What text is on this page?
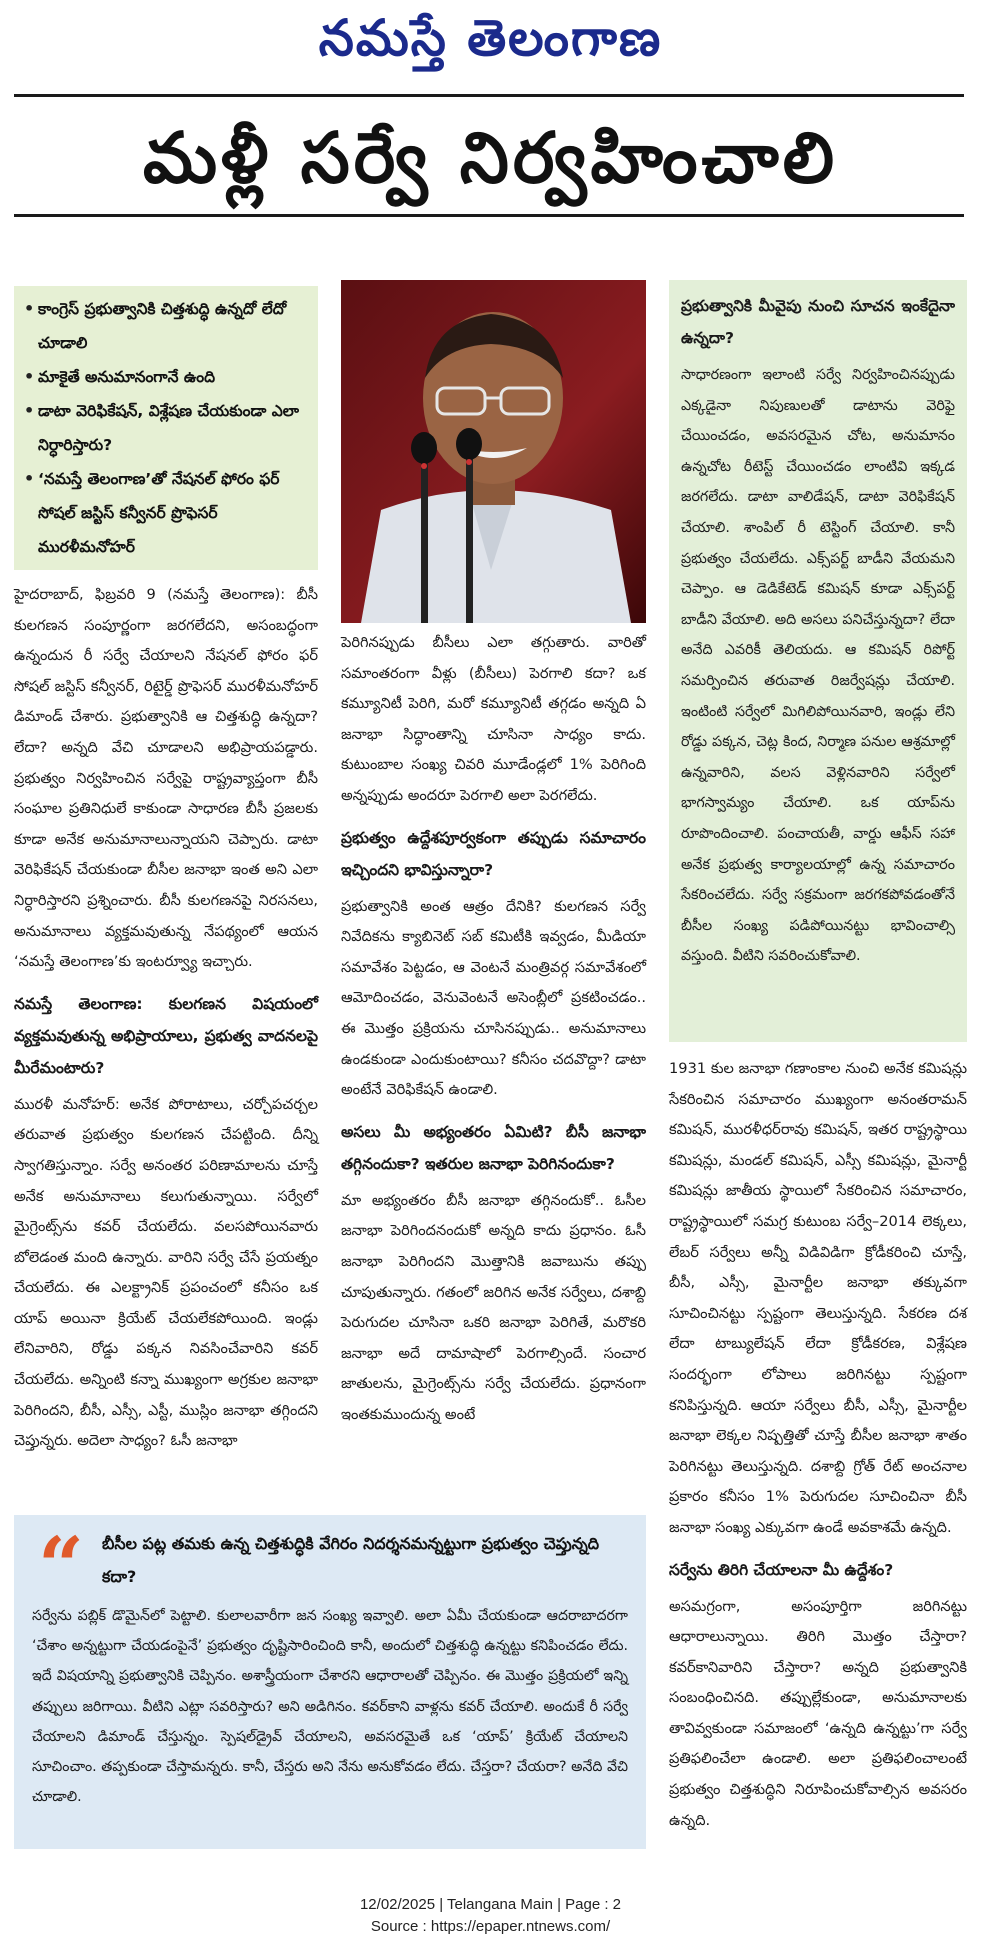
నమస్తే తెలంగాణ
మళ్లీ సర్వే నిర్వహించాలి
• కాంగ్రెస్ ప్రభుత్వానికి చిత్తశుద్ధి ఉన్నదో లేదో చూడాలి
• మాకైతే అనుమానంగానే ఉంది
• డాటా వెరిఫికేషన్, విశ్లేషణ చేయకుండా ఎలా నిర్ధారిస్తారు?
• ‘నమస్తే తెలంగాణ’తో నేషనల్ ఫోరం ఫర్ సోషల్ జస్టిస్ కన్వీనర్ ప్రొఫెసర్ మురళీమనోహర్

హైదరాబాద్, ఫిబ్రవరి 9 (నమస్తే తెలంగాణ): బీసీ కులగణన సంపూర్ణంగా జరగలేదని, అసంబద్ధంగా ఉన్నందున రీ సర్వే చేయాలని నేషనల్ ఫోరం ఫర్ సోషల్ జస్టిస్ కన్వీనర్, రిటైర్డ్ ప్రొఫెసర్ మురళీమనోహర్ డిమాండ్ చేశారు. ప్రభుత్వానికి ఆ చిత్తశుద్ధి ఉన్నదా? లేదా? అన్నది వేచి చూడాలని అభిప్రాయపడ్డారు. ప్రభుత్వం నిర్వహించిన సర్వేపై రాష్ట్రవ్యాప్తంగా బీసీ సంఘాల ప్రతినిధులే కాకుండా సాధారణ బీసీ ప్రజలకు కూడా అనేక అనుమానాలున్నాయని చెప్పారు. డాటా వెరిఫికేషన్ చేయకుండా బీసీల జనాభా ఇంత అని ఎలా నిర్ధారిస్తారని ప్రశ్నించారు. బీసీ కులగణనపై నిరసనలు, అనుమానాలు వ్యక్తమవుతున్న నేపథ్యంలో ఆయన ‘నమస్తే తెలంగాణ’కు ఇంటర్వ్యూ ఇచ్చారు.

నమస్తే తెలంగాణ: కులగణన విషయంలో వ్యక్తమవుతున్న అభిప్రాయాలు, ప్రభుత్వ వాదనలపై మీరేమంటారు?

మురళీ మనోహర్: అనేక పోరాటాలు, చర్చోపచర్చల తరువాత ప్రభుత్వం కులగణన చేపట్టింది. దీన్ని స్వాగతిస్తున్నాం. సర్వే అనంతర పరిణామాలను చూస్తే అనేక అనుమానాలు కలుగుతున్నాయి. సర్వేలో మైగ్రెంట్స్‌ను కవర్ చేయలేదు. వలసపోయినవారు బోలెడంత మంది ఉన్నారు. వారిని సర్వే చేసే ప్రయత్నం చేయలేదు. ఈ ఎలక్ట్రానిక్ ప్రపంచంలో కనీసం ఒక యాప్ అయినా క్రియేట్ చేయలేకపోయింది. ఇండ్లు లేనివారిని, రోడ్డు పక్కన నివసించేవారిని కవర్ చేయలేదు. అన్నింటి కన్నా ముఖ్యంగా అగ్రకుల జనాభా పెరిగిందని, బీసీ, ఎస్సీ, ఎస్టీ, ముస్లిం జనాభా తగ్గిందని చెప్తున్నరు. అదెలా సాధ్యం? ఓసీ జనాభా

పెరిగినప్పుడు బీసీలు ఎలా తగ్గుతారు. వారితో సమాంతరంగా వీళ్లు (బీసీలు) పెరగాలి కదా? ఒక కమ్యూనిటీ పెరిగి, మరో కమ్యూనిటీ తగ్గడం అన్నది ఏ జనాభా సిద్ధాంతాన్ని చూసినా సాధ్యం కాదు. కుటుంబాల సంఖ్య చివరి మూడేండ్లలో 1% పెరిగింది అన్నప్పుడు అందరూ పెరగాలి అలా పెరగలేదు.

ప్రభుత్వం ఉద్దేశపూర్వకంగా తప్పుడు సమాచారం ఇచ్చిందని భావిస్తున్నారా?

ప్రభుత్వానికి అంత ఆత్రం దేనికి? కులగణన సర్వే నివేదికను క్యాబినెట్ సబ్ కమిటీకి ఇవ్వడం, మీడియా సమావేశం పెట్టడం, ఆ వెంటనే మంత్రివర్గ సమావేశంలో ఆమోదించడం, వెనువెంటనే అసెంబ్లీలో ప్రకటించడం.. ఈ మొత్తం ప్రక్రియను చూసినప్పుడు.. అనుమానాలు ఉండకుండా ఎందుకుంటాయి? కనీసం చదవొద్దా? డాటా అంటేనే వెరిఫికేషన్ ఉండాలి.

అసలు మీ అభ్యంతరం ఏమిటి? బీసీ జనాభా తగ్గినందుకా? ఇతరుల జనాభా పెరిగినందుకా?

మా అభ్యంతరం బీసీ జనాభా తగ్గినందుకో.. ఓసీల జనాభా పెరిగిందనందుకో అన్నది కాదు ప్రధానం. ఓసీ జనాభా పెరిగిందని మొత్తానికి జవాబును తప్పు చూపుతున్నారు. గతంలో జరిగిన అనేక సర్వేలు, దశాబ్ది పెరుగుదల చూసినా ఒకరి జనాభా పెరిగితే, మరొకరి జనాభా అదే దామాషాలో పెరగాల్సిందే. సంచార జాతులను, మైగ్రెంట్స్‌ను సర్వే చేయలేదు. ప్రధానంగా ఇంతకుముందున్న అంటే

ప్రభుత్వానికి మీవైపు నుంచి సూచన ఇంకేదైనా ఉన్నదా?

సాధారణంగా ఇలాంటి సర్వే నిర్వహించినప్పుడు ఎక్కడైనా నిపుణులతో డాటాను వెరిఫై చేయించడం, అవసరమైన చోట, అనుమానం ఉన్నచోట రీటెస్ట్ చేయించడం లాంటివి ఇక్కడ జరగలేదు. డాటా వాలిడేషన్, డాటా వెరిఫికేషన్ చేయాలి. శాంపిల్ రీ టెస్టింగ్ చేయాలి. కానీ ప్రభుత్వం చేయలేదు. ఎక్స్‌పర్ట్ బాడీని వేయమని చెప్పాం. ఆ డెడికేటెడ్ కమిషన్ కూడా ఎక్స్‌పర్ట్ బాడీని వేయాలి. అది అసలు పనిచేస్తున్నదా? లేదా అనేది ఎవరికీ తెలియదు. ఆ కమిషన్ రిపోర్ట్ సమర్పించిన తరువాత రిజర్వేషన్లు చేయాలి. ఇంటింటి సర్వేలో మిగిలిపోయినవారి, ఇండ్లు లేని రోడ్డు పక్కన, చెట్ల కింద, నిర్మాణ పనుల ఆశ్రమాల్లో ఉన్నవారిని, వలస వెళ్లినవారిని సర్వేలో భాగస్వామ్యం చేయాలి. ఒక యాప్‌ను రూపొందించాలి. పంచాయతీ, వార్డు ఆఫీస్ సహా అనేక ప్రభుత్వ కార్యాలయాల్లో ఉన్న సమాచారం సేకరించలేదు. సర్వే సక్రమంగా జరగకపోవడంతోనే బీసీల సంఖ్య పడిపోయినట్టు భావించాల్సి వస్తుంది. వీటిని సవరించుకోవాలి.

1931 కుల జనాభా గణాంకాల నుంచి అనేక కమిషన్లు సేకరించిన సమాచారం ముఖ్యంగా అనంతరామన్ కమిషన్, మురళీధర్‌రావు కమిషన్, ఇతర రాష్ట్రస్థాయి కమిషన్లు, మండల్ కమిషన్, ఎస్సీ కమిషన్లు, మైనార్టీ కమిషన్లు జాతీయ స్థాయిలో సేకరించిన సమాచారం, రాష్ట్రస్థాయిలో సమగ్ర కుటుంబ సర్వే–2014 లెక్కలు, లేబర్ సర్వేలు అన్నీ విడివిడిగా క్రోడీకరించి చూస్తే, బీసీ, ఎస్సీ, మైనార్టీల జనాభా తక్కువగా సూచించినట్టు స్పష్టంగా తెలుస్తున్నది. సేకరణ దశ లేదా టాబ్యులేషన్ లేదా క్రోడీకరణ, విశ్లేషణ సందర్భంగా లోపాలు జరిగినట్టు స్పష్టంగా కనిపిస్తున్నది. ఆయా సర్వేలు బీసీ, ఎస్సీ, మైనార్టీల జనాభా లెక్కల నిష్పత్తితో చూస్తే బీసీల జనాభా శాతం పెరిగినట్టు తెలుస్తున్నది. దశాబ్ది గ్రోత్ రేట్ అంచనాల ప్రకారం కనీసం 1% పెరుగుదల సూచించినా బీసీ జనాభా సంఖ్య ఎక్కువగా ఉండే అవకాశమే ఉన్నది.

సర్వేను తిరిగి చేయాలనా మీ ఉద్దేశం?

అసమగ్రంగా, అసంపూర్తిగా జరిగినట్టు ఆధారాలున్నాయి. తిరిగి మొత్తం చేస్తారా? కవర్‌కానివారిని చేస్తారా? అన్నది ప్రభుత్వానికి సంబంధించినది. తప్పుల్లేకుండా, అనుమానాలకు తావివ్వకుండా సమాజంలో ‘ఉన్నది ఉన్నట్టు’గా సర్వే ప్రతిఫలించేలా ఉండాలి. అలా ప్రతిఫలించాలంటే ప్రభుత్వం చిత్తశుద్ధిని నిరూపించుకోవాల్సిన అవసరం ఉన్నది.

బీసీల పట్ల తమకు ఉన్న చిత్తశుద్ధికి వేగిరం నిదర్శనమన్నట్టుగా ప్రభుత్వం చెప్తున్నది కదా?
సర్వేను పబ్లిక్ డొమైన్‌లో పెట్టాలి. కులాలవారీగా జన సంఖ్య ఇవ్వాలి. అలా ఏమీ చేయకుండా ఆదరాబాదరగా ‘చేశాం అన్నట్టుగా చేయడంపైనే’ ప్రభుత్వం దృష్టిసారించింది కానీ, అందులో చిత్తశుద్ధి ఉన్నట్టు కనిపించడం లేదు. ఇదే విషయాన్ని ప్రభుత్వానికి చెప్పినం. అశాస్త్రీయంగా చేశారని ఆధారాలతో చెప్పినం. ఈ మొత్తం ప్రక్రియలో ఇన్ని తప్పులు జరిగాయి. వీటిని ఎట్లా సవరిస్తారు? అని అడిగినం. కవర్‌కాని వాళ్లను కవర్ చేయాలి. అందుకే రీ సర్వే చేయాలని డిమాండ్ చేస్తున్నం. స్పెషల్‌డ్రైవ్ చేయాలని, అవసరమైతే ఒక ‘యాప్’ క్రియేట్ చేయాలని సూచించాం. తప్పకుండా చేస్తామన్నరు. కానీ, చేస్తరు అని నేను అనుకోవడం లేదు. చేస్తరా? చేయరా? అనేది వేచి చూడాలి.
“
12/02/2025 | Telangana Main | Page : 2
Source : https://epaper.ntnews.com/
